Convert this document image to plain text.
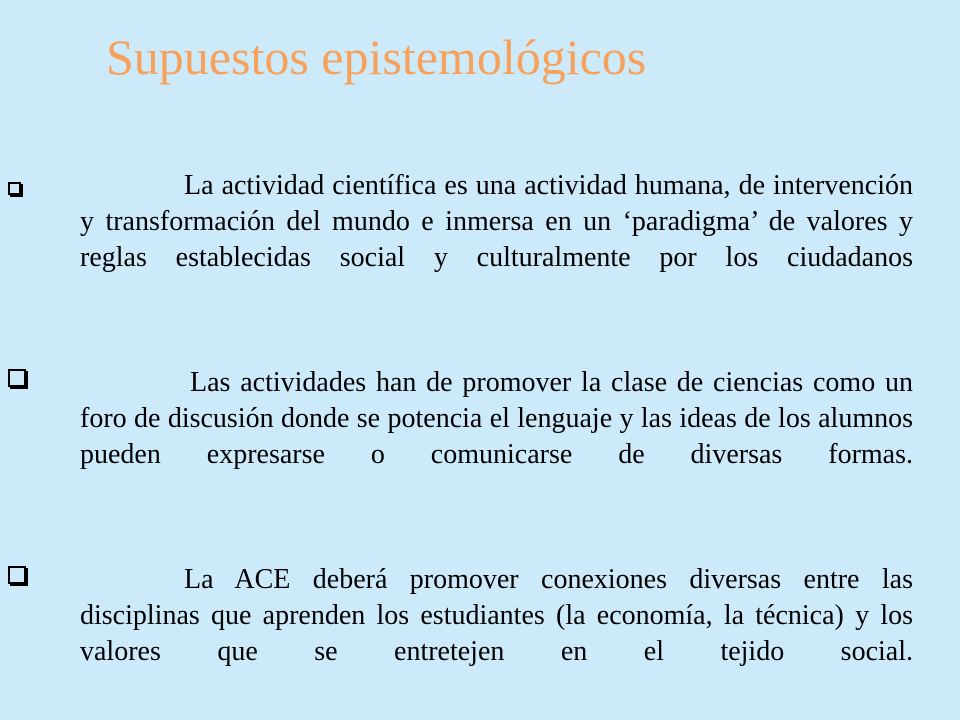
Supuestos epistemológicos
La actividad científica es una actividad humana, de intervención y transformación del mundo e inmersa en un ‘paradigma’ de valores y reglas establecidas social y culturalmente por los ciudadanos
Las actividades han de promover la clase de ciencias como un foro de discusión donde se potencia el lenguaje y las ideas de los alumnos pueden expresarse o comunicarse de diversas formas.
La ACE deberá promover conexiones diversas entre las disciplinas que aprenden los estudiantes (la economía, la técnica) y los valores que se entretejen en el tejido social.
